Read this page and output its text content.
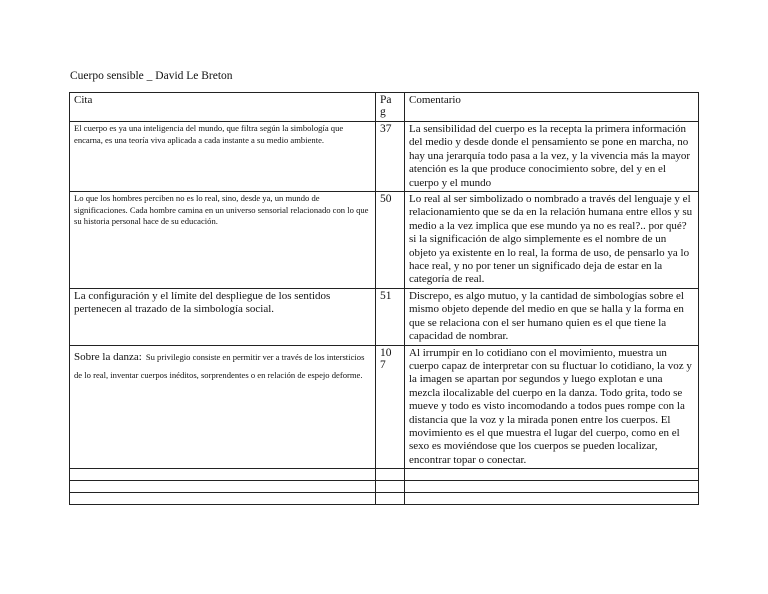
Cuerpo sensible _ David Le Breton
Cita	Pa g	Comentario
El cuerpo es ya una inteligencia del mundo, que filtra según la simbología que encarna, es una teoría viva aplicada a cada instante a su medio ambiente.	37	La sensibilidad del cuerpo es la recepta la primera información del medio y desde donde el pensamiento se pone en marcha, no hay una jerarquía todo pasa a la vez, y la vivencia más la mayor atención es la que produce conocimiento sobre, del y en el cuerpo y el mundo
Lo que los hombres perciben no es lo real, sino, desde ya, un mundo de significaciones. Cada hombre camina en un universo sensorial relacionado con lo que su historia personal hace de su educación.	50	Lo real al ser simbolizado o nombrado a través del lenguaje y el relacionamiento que se da en la relación humana entre ellos y su medio a la vez implica que ese mundo ya no es real?.. por qué? si la significación de algo simplemente es el nombre de un objeto ya existente en lo real, la forma de uso, de pensarlo ya lo hace real, y no por tener un significado deja de estar en la categoría de real.
La configuración y el límite del despliegue de los sentidos pertenecen al trazado de la simbología social.	51	Discrepo, es algo mutuo, y la cantidad de simbologías sobre el mismo objeto depende del medio en que se halla y la forma en que se relaciona con el ser humano quien es el que tiene la capacidad de nombrar.
Sobre la danza: Su privilegio consiste en permitir ver a través de los intersticios de lo real, inventar cuerpos inéditos, sorprendentes o en relación de espejo deforme.	10 7	Al irrumpir en lo cotidiano con el movimiento, muestra un cuerpo capaz de interpretar con su fluctuar lo cotidiano, la voz y la imagen se apartan por segundos y luego explotan e una mezcla ilocalizable del cuerpo en la danza. Todo grita, todo se mueve y todo es visto incomodando a todos pues rompe con la distancia que la voz y la mirada ponen entre los cuerpos. El movimiento es el que muestra el lugar del cuerpo, como en el sexo es moviéndose que los cuerpos se pueden localizar, encontrar topar o conectar.
